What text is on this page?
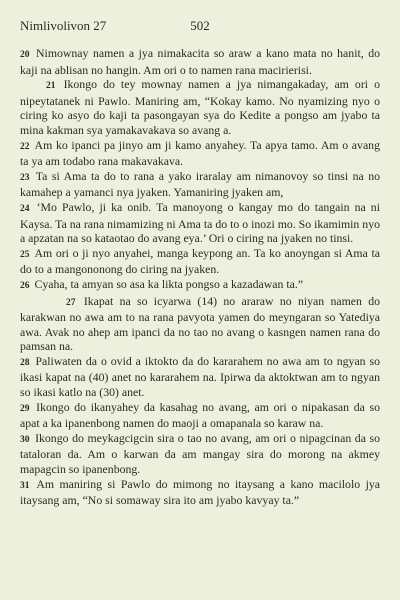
Nimlivolivon 27	502

20 Nimownay namen a jya nimakacita so araw a kano mata no hanit, do kaji na ablisan no hangin. Am ori o to namen rana macirierisi.

21 Ikongo do tey mownay namen a jya nimangakaday, am ori o nipeytatanek ni Pawlo. Maniring am, “Kokay kamo. No nyamizing nyo o ciring ko asyo do kaji ta pasongayan sya do Kedite a pongso am jyabo ta mina kakman sya yamakavakava so avang a.

22 Am ko ipanci pa jinyo am ji kamo anyahey. Ta apya tamo. Am o avang ta ya am todabo rana makavakava.

23 Ta si Ama ta do to rana a yako iraralay am nimanovoy so tinsi na no kamahep a yamanci nya jyaken. Yamaniring jyaken am,

24 ‘Mo Pawlo, ji ka onib. Ta manoyong o kangay mo do tangain na ni Kaysa. Ta na rana nimamizing ni Ama ta do to o inozi mo. So ikamimin nyo a apzatan na so kataotao do avang eya.’ Ori o ciring na jyaken no tinsi.

25 Am ori o ji nyo anyahei, manga keypong an. Ta ko anoyngan si Ama ta do to a mangononong do ciring na jyaken.

26 Cyaha, ta amyan so asa ka likta pongso a kazadawan ta.”

27 Ikapat na so icyarwa (14) no araraw no niyan namen do karakwan no awa am to na rana pavyota yamen do meyngaran so Yatediya awa. Avak no ahep am ipanci da no tao no avang o kasngen namen rana do pamsan na.

28 Paliwaten da o ovid a iktokto da do kararahem no awa am to ngyan so ikasi kapat na (40) anet no kararahem na. Ipirwa da aktoktwan am to ngyan so ikasi katlo na (30) anet.

29 Ikongo do ikanyahey da kasahag no avang, am ori o nipakasan da so apat a ka ipanenbong namen do maoji a omapanala so karaw na.

30 Ikongo do meykagcigcin sira o tao no avang, am ori o nipagcinan da so tataloran da. Am o karwan da am mangay sira do morong na akmey mapagcin so ipanenbong.

31 Am maniring si Pawlo do mimong no itaysang a kano macilolo jya itaysang am, “No si somaway sira ito am jyabo kavyay ta.”
